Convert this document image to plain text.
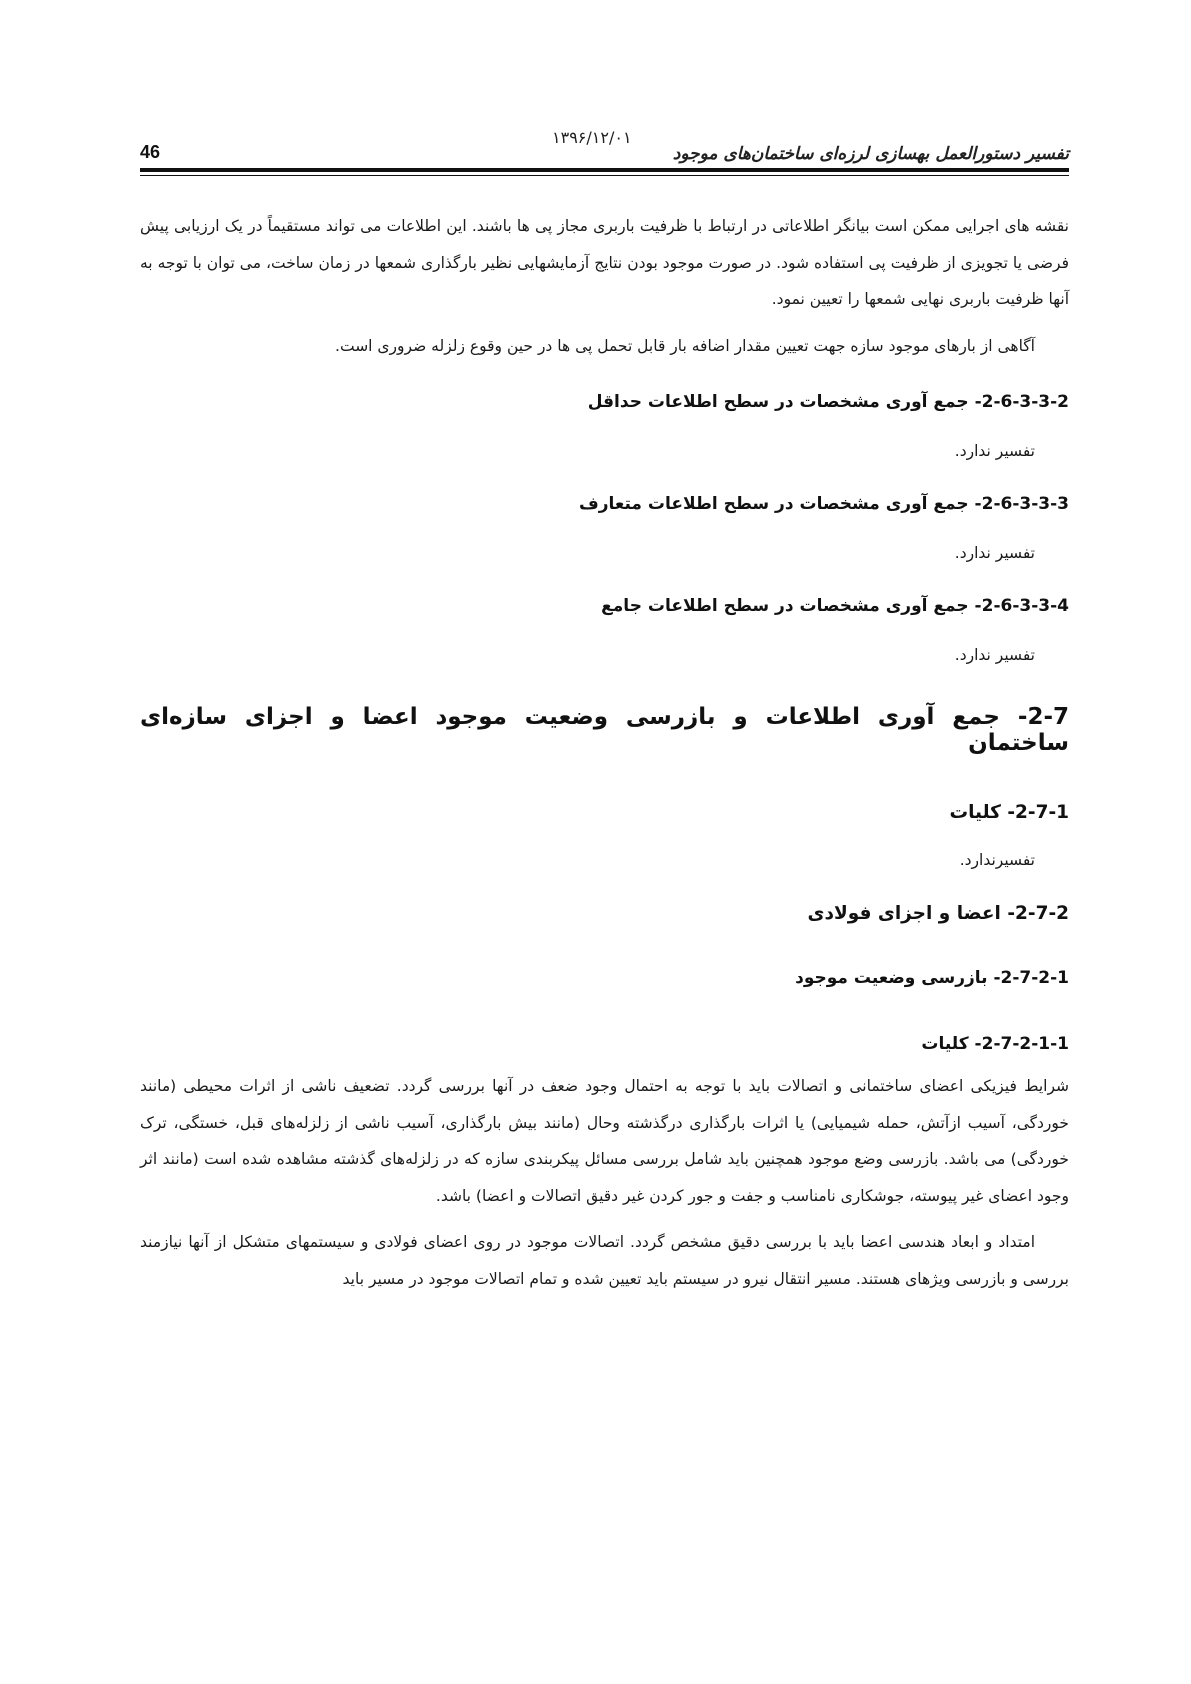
46
۱۳۹۶/۱۲/۰۱
تفسیر دستورالعمل بهسازی لرزه‌ای ساختمان‌های موجود

نقشه های اجرایی ممکن است بیانگر اطلاعاتی در ارتباط با ظرفیت باربری مجاز پی ها باشند. این اطلاعات می تواند مستقیماً در یک ارزیابی پیش فرضی یا تجویزی از ظرفیت پی استفاده شود. در صورت موجود بودن نتایج آزمایشهایی نظیر بارگذاری شمعها در زمان ساخت، می توان با توجه به آنها ظرفیت باربری نهایی شمعها را تعیین نمود.

آگاهی از بارهای موجود سازه جهت تعیین مقدار اضافه بار قابل تحمل پی ها در حین وقوع زلزله ضروری است.

2-6-3-3-2- جمع آوری مشخصات در سطح اطلاعات حداقل

تفسیر ندارد.

2-6-3-3-3- جمع آوری مشخصات در سطح اطلاعات متعارف

تفسیر ندارد.

2-6-3-3-4- جمع آوری مشخصات در سطح اطلاعات جامع

تفسیر ندارد.

2-7- جمع آوری اطلاعات و بازرسی وضعیت موجود اعضا و اجزای سازه‌ای ساختمان
2-7-1- کلیات

تفسیرندارد.

2-7-2- اعضا و اجزای فولادی
2-7-2-1- بازرسی وضعیت موجود
2-7-2-1-1- کلیات

شرایط فیزیکی اعضای ساختمانی و اتصالات باید با توجه به احتمال وجود ضعف در آنها بررسی گردد. تضعیف ناشی از اثرات محیطی (مانند خوردگی، آسیب ازآتش، حمله شیمیایی) یا اثرات بارگذاری درگذشته وحال (مانند بیش بارگذاری، آسیب ناشی از زلزله‌های قبل، خستگی، ترک خوردگی) می باشد. بازرسی وضع موجود همچنین باید شامل بررسی مسائل پیکربندی سازه که در زلزله‌های گذشته مشاهده شده است (مانند اثر وجود اعضای غیر پیوسته، جوشکاری نامناسب و جفت و جور کردن غیر دقیق اتصالات و اعضا) باشد.

امتداد و ابعاد هندسی اعضا باید با بررسی دقیق مشخص گردد. اتصالات موجود در روی اعضای فولادی و سیستمهای متشکل از آنها نیازمند بررسی و بازرسی ویژهای هستند. مسیر انتقال نیرو در سیستم باید تعیین شده و تمام اتصالات موجود در مسیر باید
